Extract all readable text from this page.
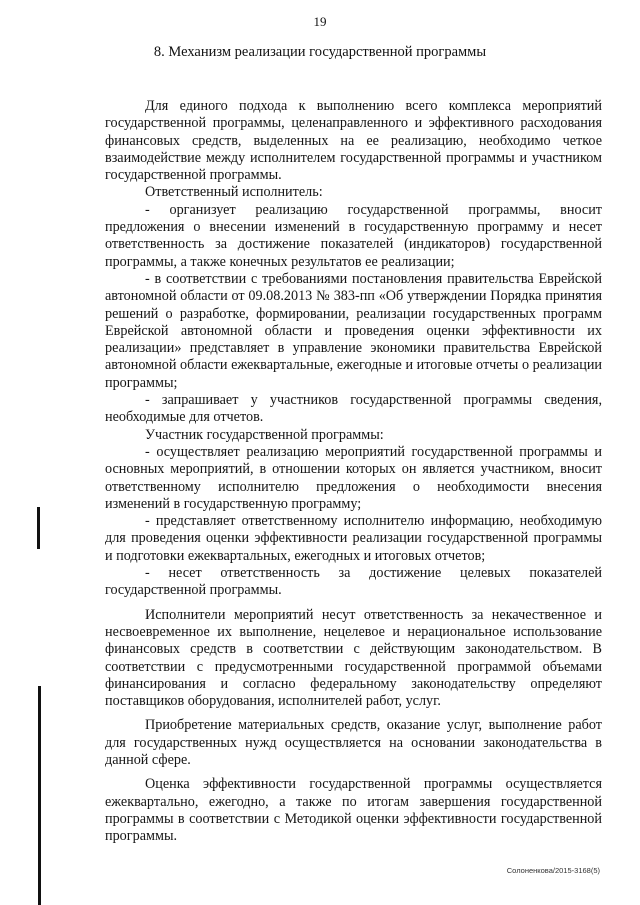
19
8. Механизм реализации государственной программы

Для единого подхода к выполнению всего комплекса мероприятий государственной программы, целенаправленного и эффективного расходования финансовых средств, выделенных на ее реализацию, необходимо четкое взаимодействие между исполнителем государственной программы и участником государственной программы.

Ответственный исполнитель:

- организует реализацию государственной программы, вносит предложения о внесении изменений в государственную программу и несет ответственность за достижение показателей (индикаторов) государственной программы, а также конечных результатов ее реализации;

- в соответствии с требованиями постановления правительства Еврейской автономной области от 09.08.2013 № 383-пп «Об утверждении Порядка принятия решений о разработке, формировании, реализации государственных программ Еврейской автономной области и проведения оценки эффективности их реализации» представляет в управление экономики правительства Еврейской автономной области ежеквартальные, ежегодные и итоговые отчеты о реализации программы;

- запрашивает у участников государственной программы сведения, необходимые для отчетов.

Участник государственной программы:

- осуществляет реализацию мероприятий государственной программы и основных мероприятий, в отношении которых он является участником, вносит ответственному исполнителю предложения о необходимости внесения изменений в государственную программу;

- представляет ответственному исполнителю информацию, необходимую для проведения оценки эффективности реализации государственной программы и подготовки ежеквартальных, ежегодных и итоговых отчетов;

- несет ответственность за достижение целевых показателей государственной программы.

Исполнители мероприятий несут ответственность за некачественное и несвоевременное их выполнение, нецелевое и нерациональное использование финансовых средств в соответствии с действующим законодательством. В соответствии с предусмотренными государственной программой объемами финансирования и согласно федеральному законодательству определяют поставщиков оборудования, исполнителей работ, услуг.

Приобретение материальных средств, оказание услуг, выполнение работ для государственных нужд осуществляется на основании законодательства в данной сфере.

Оценка эффективности государственной программы осуществляется ежеквартально, ежегодно, а также по итогам завершения государственной программы в соответствии с Методикой оценки эффективности государственной программы.

Солоненкова/2015-3168(5)
